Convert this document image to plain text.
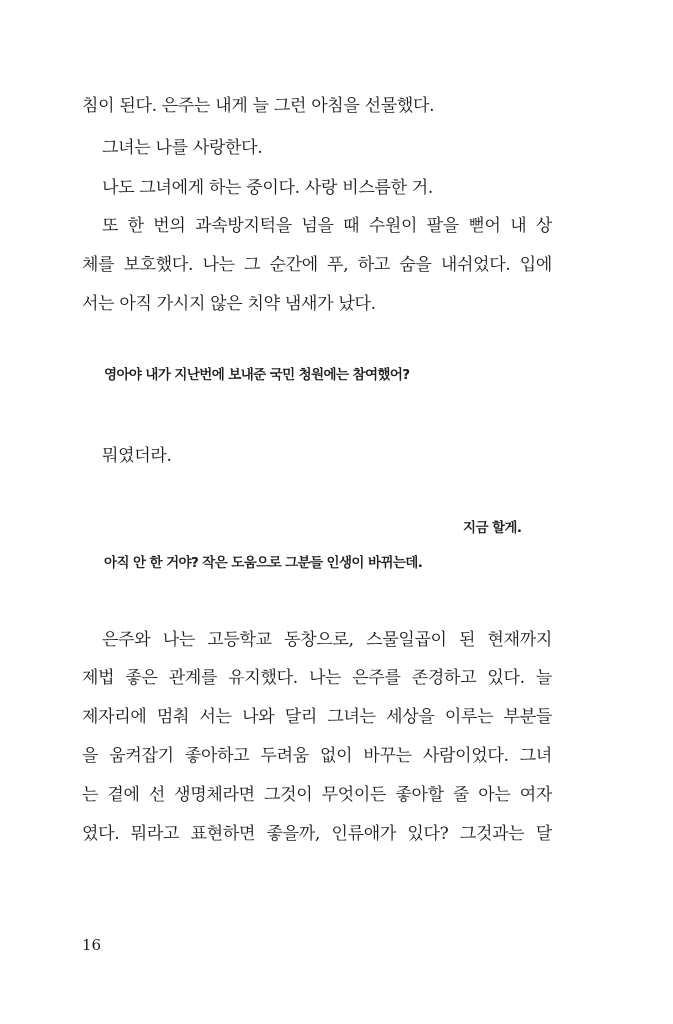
침이 된다. 은주는 내게 늘 그런 아침을 선물했다.
그녀는 나를 사랑한다.
나도 그녀에게 하는 중이다. 사랑 비스름한 거.
또 한 번의 과속방지턱을 넘을 때 수원이 팔을 뻗어 내 상
체를 보호했다. 나는 그 순간에 푸, 하고 숨을 내쉬었다. 입에
서는 아직 가시지 않은 치약 냄새가 났다.
영아야 내가 지난번에 보내준 국민 청원에는 참여했어?
뭐였더라.
지금 할게.
아직 안 한 거야? 작은 도움으로 그분들 인생이 바뀌는데.
은주와 나는 고등학교 동창으로, 스물일곱이 된 현재까지
제법 좋은 관계를 유지했다. 나는 은주를 존경하고 있다. 늘
제자리에 멈춰 서는 나와 달리 그녀는 세상을 이루는 부분들
을 움켜잡기 좋아하고 두려움 없이 바꾸는 사람이었다. 그녀
는 곁에 선 생명체라면 그것이 무엇이든 좋아할 줄 아는 여자
였다. 뭐라고 표현하면 좋을까, 인류애가 있다? 그것과는 달
16
